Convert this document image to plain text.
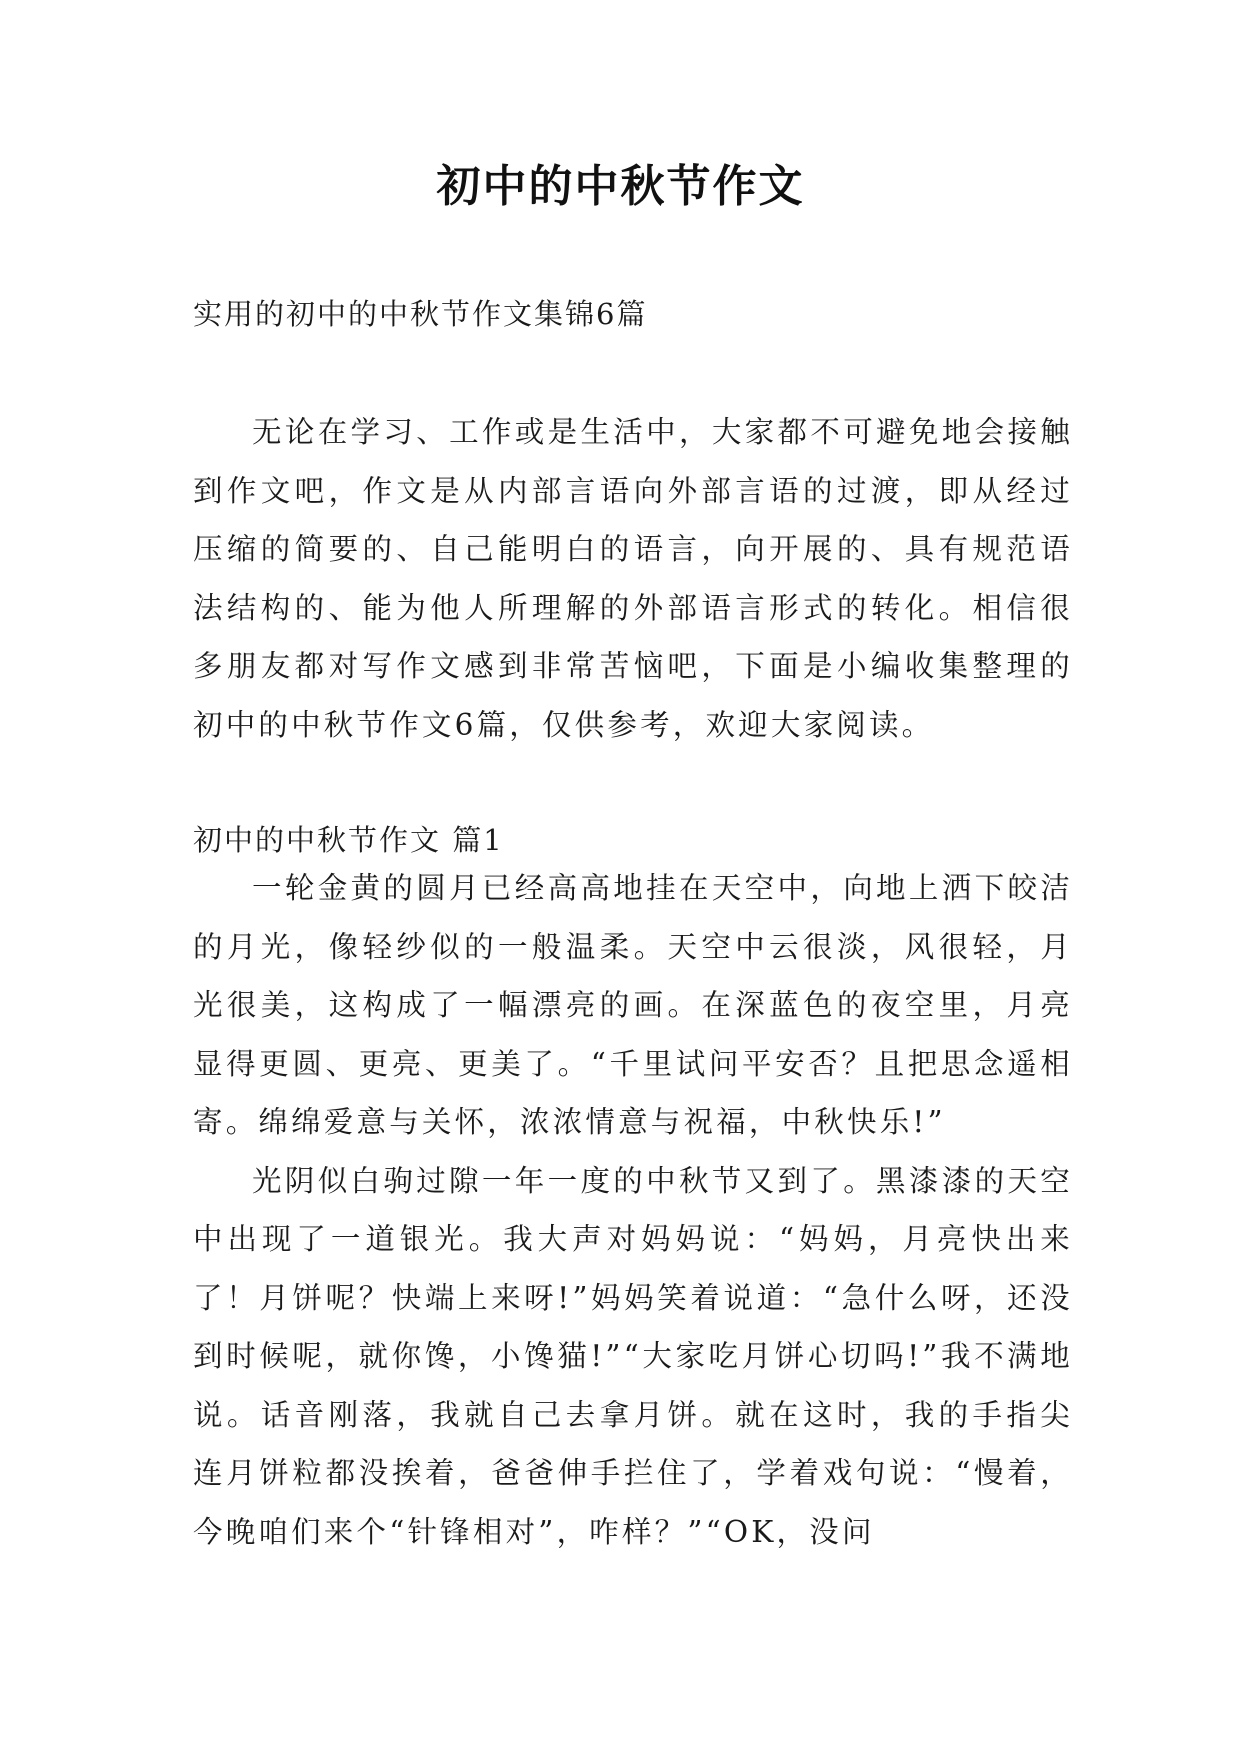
初中的中秋节作文
实用的初中的中秋节作文集锦6篇

无论在学习、工作或是生活中，大家都不可避免地会接触到作文吧，作文是从内部言语向外部言语的过渡，即从经过压缩的简要的、自己能明白的语言，向开展的、具有规范语法结构的、能为他人所理解的外部语言形式的转化。相信很多朋友都对写作文感到非常苦恼吧，下面是小编收集整理的初中的中秋节作文6篇，仅供参考，欢迎大家阅读。

初中的中秋节作文 篇1

一轮金黄的圆月已经高高地挂在天空中，向地上洒下皎洁的月光，像轻纱似的一般温柔。天空中云很淡，风很轻，月光很美，这构成了一幅漂亮的画。在深蓝色的夜空里，月亮显得更圆、更亮、更美了。“千里试问平安否？且把思念遥相寄。绵绵爱意与关怀，浓浓情意与祝福，中秋快乐!”

光阴似白驹过隙一年一度的中秋节又到了。黑漆漆的天空中出现了一道银光。我大声对妈妈说：“妈妈，月亮快出来了！月饼呢？快端上来呀!”妈妈笑着说道：“急什么呀，还没到时候呢，就你馋，小馋猫!”“大家吃月饼心切吗!”我不满地说。话音刚落，我就自己去拿月饼。就在这时，我的手指尖连月饼粒都没挨着，爸爸伸手拦住了，学着戏句说：“慢着，今晚咱们来个“针锋相对”，咋样？”“OK，没问
